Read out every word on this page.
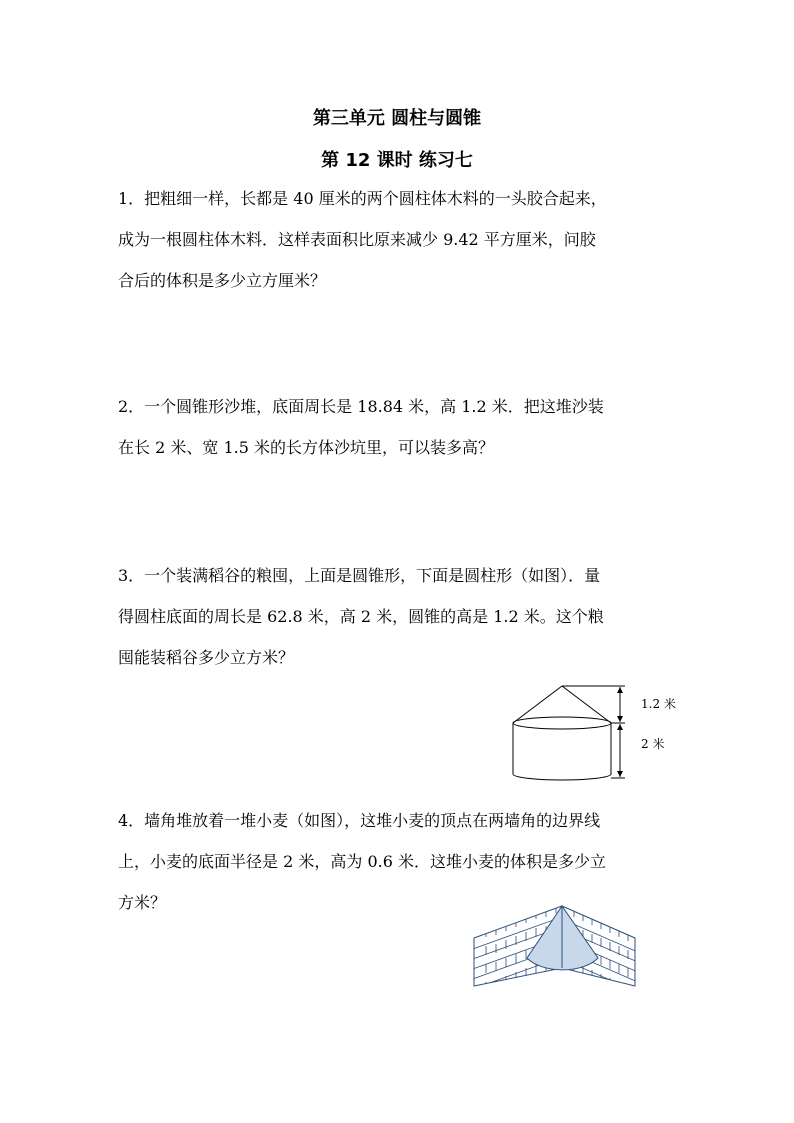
第三单元 圆柱与圆锥
第 12 课时 练习七
1．把粗细一样，长都是 40 厘米的两个圆柱体木料的一头胶合起来，
成为一根圆柱体木料．这样表面积比原来减少 9.42 平方厘米，问胶
合后的体积是多少立方厘米？
2．一个圆锥形沙堆，底面周长是 18.84 米，高 1.2 米．把这堆沙装
在长 2 米、宽 1.5 米的长方体沙坑里，可以装多高？
3．一个装满稻谷的粮囤，上面是圆锥形，下面是圆柱形（如图）．量
得圆柱底面的周长是 62.8 米，高 2 米，圆锥的高是 1.2 米。这个粮
囤能装稻谷多少立方米？
1.2 米
2 米
4．墙角堆放着一堆小麦（如图），这堆小麦的顶点在两墙角的边界线
上，小麦的底面半径是 2 米，高为 0.6 米．这堆小麦的体积是多少立
方米？
